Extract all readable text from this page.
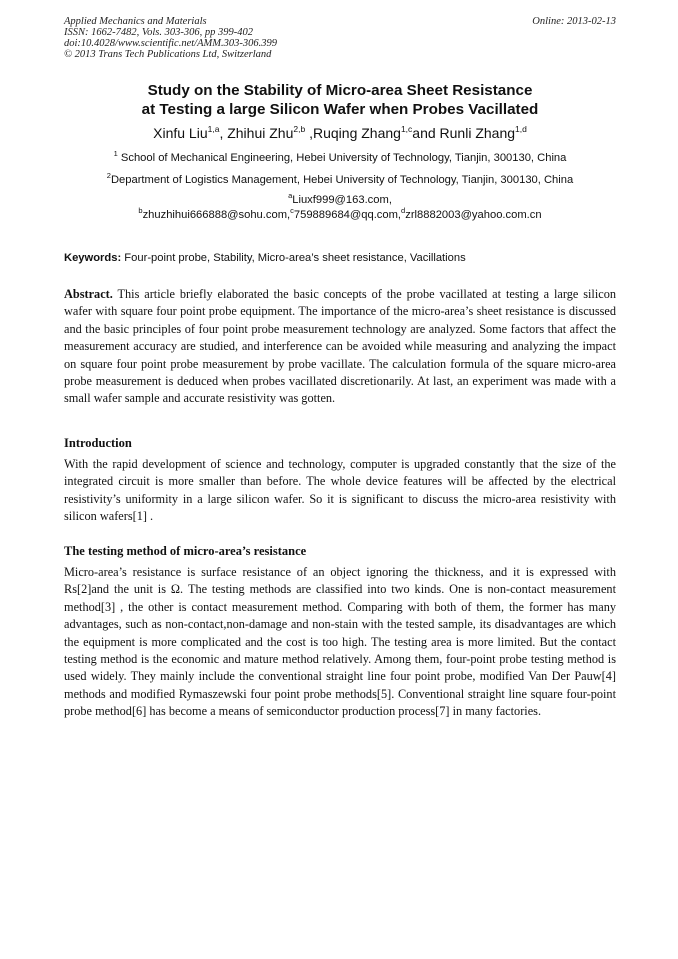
Applied Mechanics and Materials
ISSN: 1662-7482, Vols. 303-306, pp 399-402
doi:10.4028/www.scientific.net/AMM.303-306.399
© 2013 Trans Tech Publications Ltd, Switzerland
Online: 2013-02-13
Study on the Stability of Micro-area Sheet Resistance
at Testing a large Silicon Wafer when Probes Vacillated
Xinfu Liu$^{1,a}$, Zhihui Zhu$^{2,b}$ ,Ruqing Zhang$^{1,c}$and Runli Zhang$^{1,d}$
$^1$ School of Mechanical Engineering, Hebei University of Technology, Tianjin, 300130, China
$^2$Department of Logistics Management, Hebei University of Technology, Tianjin, 300130, China
$^a$Liuxf999@163.com,
$^b$zhuzhihui666888@sohu.com,$^c$759889684@qq.com,$^d$zrl8882003@yahoo.com.cn
Keywords: Four-point probe, Stability, Micro-area’s sheet resistance, Vacillations
Abstract. This article briefly elaborated the basic concepts of the probe vacillated at testing a large silicon wafer with square four point probe equipment. The importance of the micro-area’s sheet resistance is discussed and the basic principles of four point probe measurement technology are analyzed. Some factors that affect the measurement accuracy are studied, and interference can be avoided while measuring and analyzing the impact on square four point probe measurement by probe vacillate. The calculation formula of the square micro-area probe measurement is deduced when probes vacillated discretionarily. At last, an experiment was made with a small wafer sample and accurate resistivity was gotten.
Introduction
With the rapid development of science and technology, computer is upgraded constantly that the size of the integrated circuit is more smaller than before. The whole device features will be affected by the electrical resistivity’s uniformity in a large silicon wafer. So it is significant to discuss the micro-area resistivity with silicon wafers[1] .
The testing method of micro-area’s resistance
Micro-area’s resistance is surface resistance of an object ignoring the thickness, and it is expressed with Rs[2]and the unit is Ω. The testing methods are classified into two kinds. One is non-contact measurement method[3] , the other is contact measurement method. Comparing with both of them, the former has many advantages, such as non-contact,non-damage and non-stain with the tested sample, its disadvantages are which the equipment is more complicated and the cost is too high. The testing area is more limited. But the contact testing method is the economic and mature method relatively. Among them, four-point probe testing method is used widely. They mainly include the conventional straight line four point probe, modified Van Der Pauw[4] methods and modified Rymaszewski four point probe methods[5]. Conventional straight line square four-point probe method[6] has become a means of semiconductor production process[7] in many factories.
